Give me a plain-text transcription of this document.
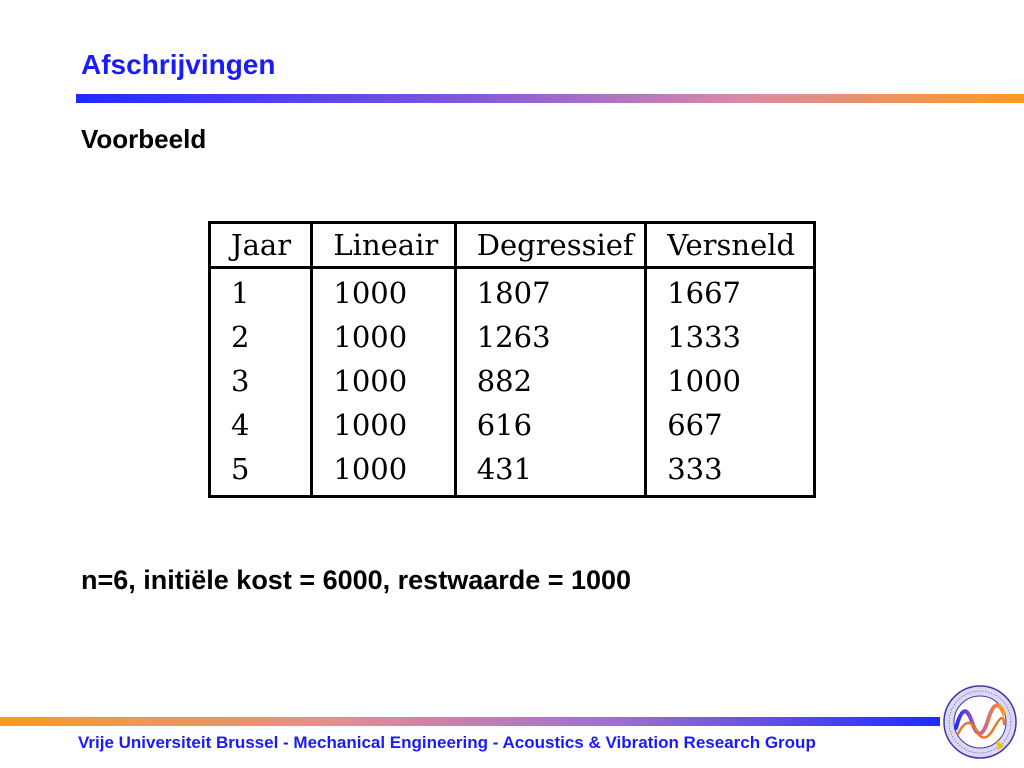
Afschrijvingen
Voorbeeld
Jaar	Lineair	Degressief	Versneld
1	1000	1807	1667
2	1000	1263	1333
3	1000	882	1000
4	1000	616	667
5	1000	431	333

n=6, initiële kost = 6000, restwaarde = 1000

Vrije Universiteit Brussel - Mechanical Engineering - Acoustics & Vibration Research Group
